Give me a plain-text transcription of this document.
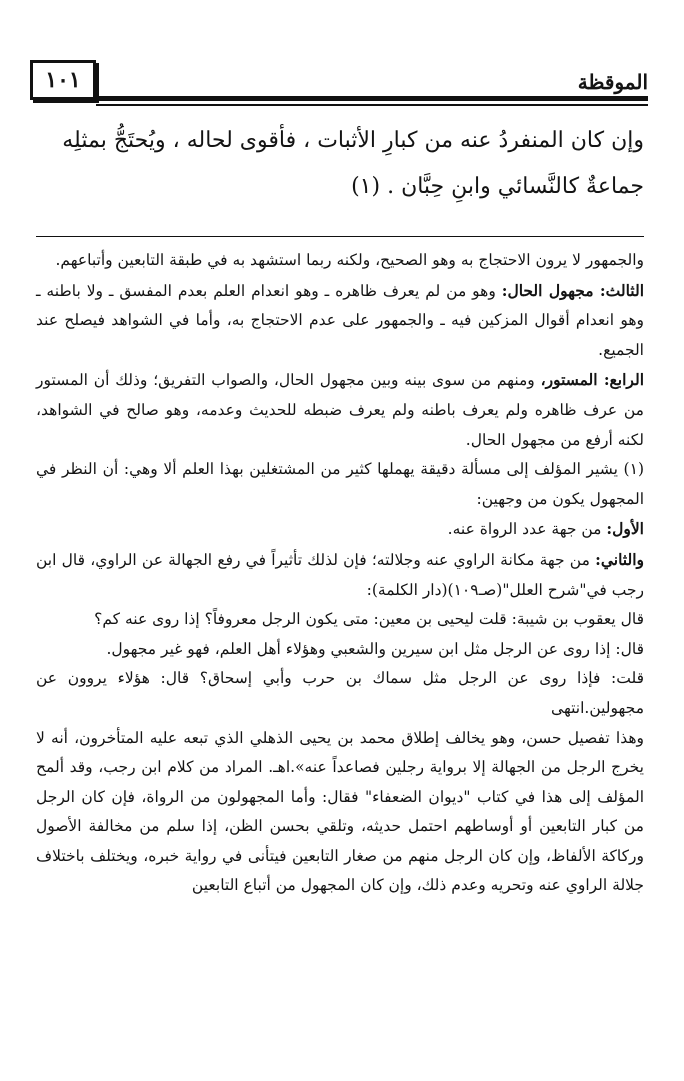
١٠١	الموقظة

وإن كان المنفردُ عنه من كبارِ الأثبات ، فأقوى لحاله ، ويُحتَجُّ بمثلِه

جماعةٌ كالنَّسائي وابنِ حِبَّان . (١)

والجمهور لا يرون الاحتجاج به وهو الصحيح، ولكنه ربما استشهد به في طبقة التابعين وأتباعهم.

الثالث: مجهول الحال: وهو من لم يعرف ظاهره ـ وهو انعدام العلم بعدم المفسق ـ ولا باطنه ـ وهو انعدام أقوال المزكين فيه ـ والجمهور على عدم الاحتجاج به، وأما في الشواهد فيصلح عند الجميع.

الرابع: المستور، ومنهم من سوى بينه وبين مجهول الحال، والصواب التفريق؛ وذلك أن المستور من عرف ظاهره ولم يعرف باطنه ولم يعرف ضبطه للحديث وعدمه، وهو صالح في الشواهد، لكنه أرفع من مجهول الحال.

(١) يشير المؤلف إلى مسألة دقيقة يهملها كثير من المشتغلين بهذا العلم ألا وهي: أن النظر في المجهول يكون من وجهين:

الأول: من جهة عدد الرواة عنه.

والثاني: من جهة مكانة الراوي عنه وجلالته؛ فإن لذلك تأثيراً في رفع الجهالة عن الراوي، قال ابن رجب في"شرح العلل"(صـ١٠٩)(دار الكلمة):

قال يعقوب بن شيبة: قلت ليحيى بن معين: متى يكون الرجل معروفاً؟ إذا روى عنه كم؟

قال: إذا روى عن الرجل مثل ابن سيرين والشعبي وهؤلاء أهل العلم، فهو غير مجهول.

قلت: فإذا روى عن الرجل مثل سماك بن حرب وأبي إسحاق؟ قال: هؤلاء يروون عن مجهولين.انتهى

وهذا تفصيل حسن، وهو يخالف إطلاق محمد بن يحيى الذهلي الذي تبعه عليه المتأخرون، أنه لا يخرج الرجل من الجهالة إلا برواية رجلين فصاعداً عنه».اهـ. المراد من كلام ابن رجب، وقد ألمح المؤلف إلى هذا في كتاب "ديوان الضعفاء" فقال: وأما المجهولون من الرواة، فإن كان الرجل من كبار التابعين أو أوساطهم احتمل حديثه، وتلقي بحسن الظن، إذا سلم من مخالفة الأصول وركاكة الألفاظ، وإن كان الرجل منهم من صغار التابعين فيتأنى في رواية خبره، ويختلف باختلاف جلالة الراوي عنه وتحريه وعدم ذلك، وإن كان المجهول من أتباع التابعين
